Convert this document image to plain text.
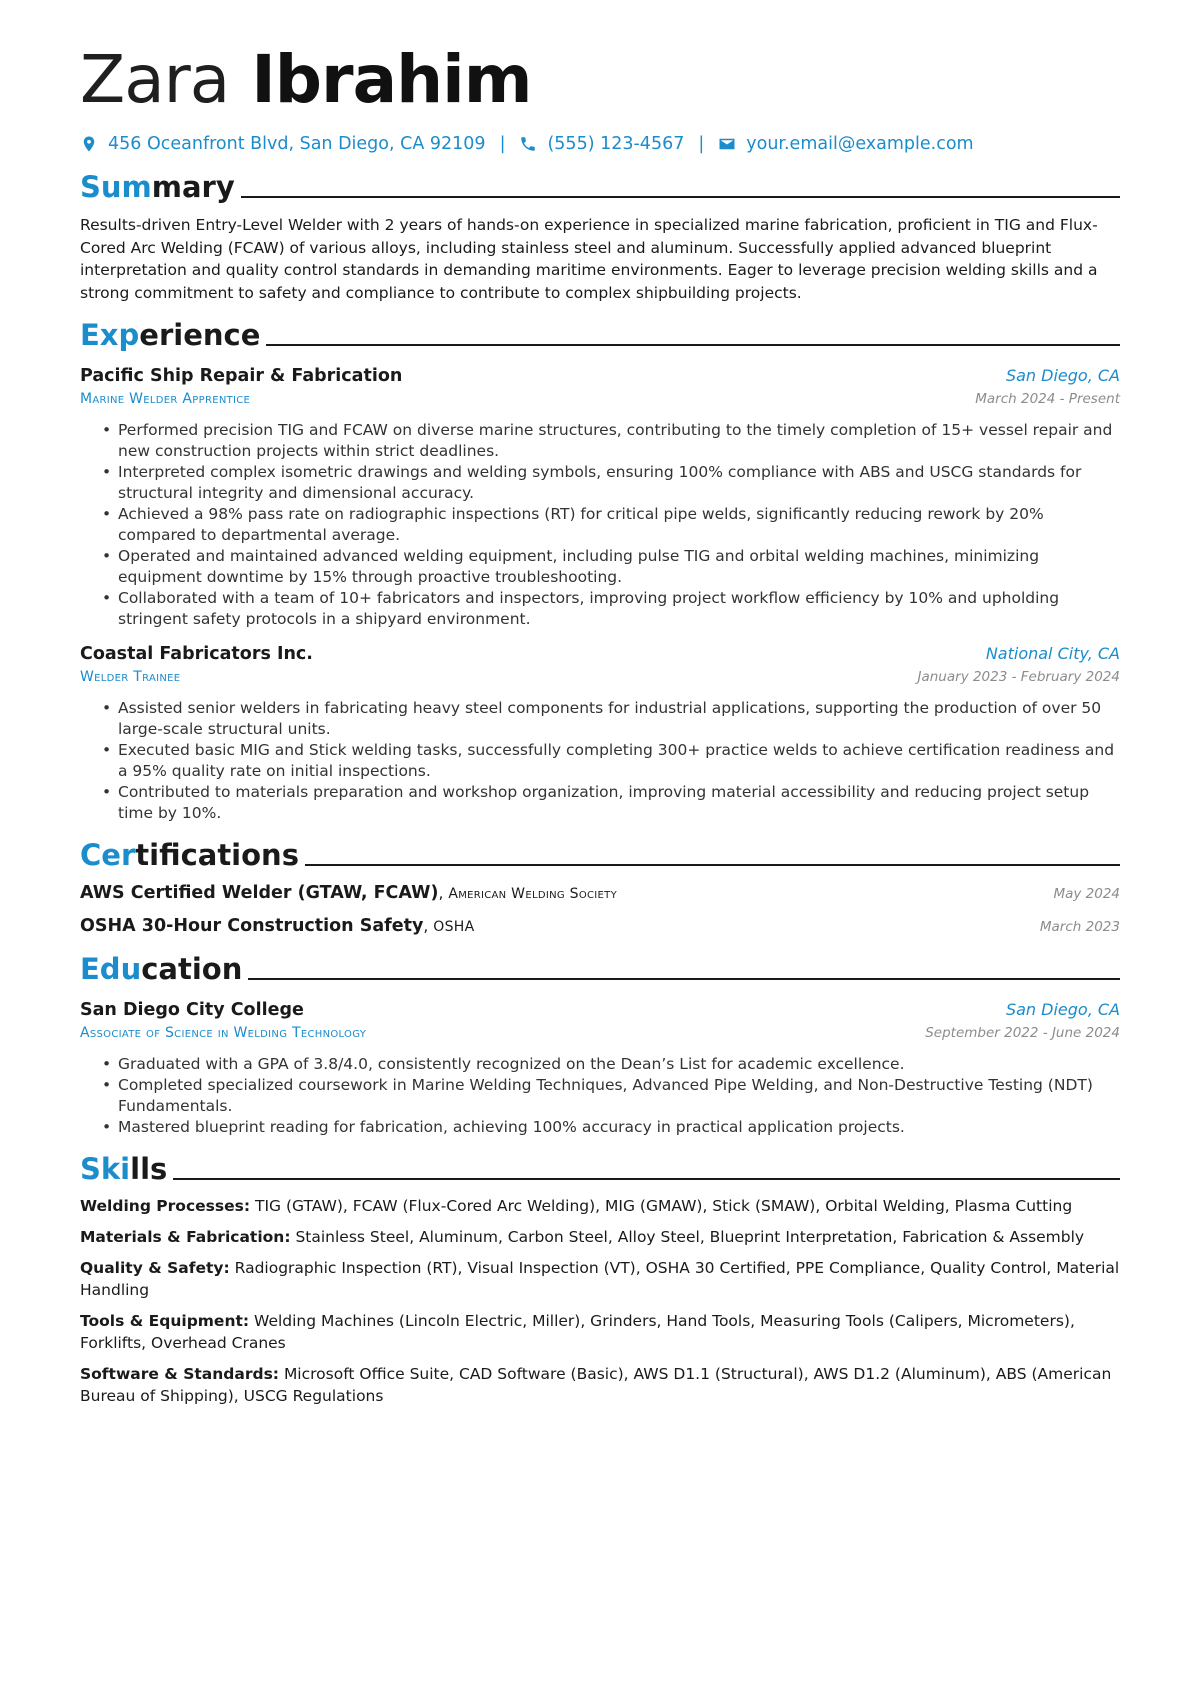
Zara Ibrahim
456 Oceanfront Blvd, San Diego, CA 92109 | (555) 123-4567 | your.email@example.com
Summary
Results-driven Entry-Level Welder with 2 years of hands-on experience in specialized marine fabrication, proficient in TIG and Flux-Cored Arc Welding (FCAW) of various alloys, including stainless steel and aluminum. Successfully applied advanced blueprint interpretation and quality control standards in demanding maritime environments. Eager to leverage precision welding skills and a strong commitment to safety and compliance to contribute to complex shipbuilding projects.
Experience
Pacific Ship Repair & Fabrication	San Diego, CA
Marine Welder Apprentice	March 2024 - Present
• Performed precision TIG and FCAW on diverse marine structures, contributing to the timely completion of 15+ vessel repair and new construction projects within strict deadlines.
• Interpreted complex isometric drawings and welding symbols, ensuring 100% compliance with ABS and USCG standards for structural integrity and dimensional accuracy.
• Achieved a 98% pass rate on radiographic inspections (RT) for critical pipe welds, significantly reducing rework by 20% compared to departmental average.
• Operated and maintained advanced welding equipment, including pulse TIG and orbital welding machines, minimizing equipment downtime by 15% through proactive troubleshooting.
• Collaborated with a team of 10+ fabricators and inspectors, improving project workflow efficiency by 10% and upholding stringent safety protocols in a shipyard environment.
Coastal Fabricators Inc.	National City, CA
Welder Trainee	January 2023 - February 2024
• Assisted senior welders in fabricating heavy steel components for industrial applications, supporting the production of over 50 large-scale structural units.
• Executed basic MIG and Stick welding tasks, successfully completing 300+ practice welds to achieve certification readiness and a 95% quality rate on initial inspections.
• Contributed to materials preparation and workshop organization, improving material accessibility and reducing project setup time by 10%.
Certifications
AWS Certified Welder (GTAW, FCAW), American Welding Society	May 2024
OSHA 30-Hour Construction Safety, OSHA	March 2023
Education
San Diego City College	San Diego, CA
Associate of Science in Welding Technology	September 2022 - June 2024
• Graduated with a GPA of 3.8/4.0, consistently recognized on the Dean’s List for academic excellence.
• Completed specialized coursework in Marine Welding Techniques, Advanced Pipe Welding, and Non-Destructive Testing (NDT) Fundamentals.
• Mastered blueprint reading for fabrication, achieving 100% accuracy in practical application projects.
Skills
Welding Processes: TIG (GTAW), FCAW (Flux-Cored Arc Welding), MIG (GMAW), Stick (SMAW), Orbital Welding, Plasma Cutting
Materials & Fabrication: Stainless Steel, Aluminum, Carbon Steel, Alloy Steel, Blueprint Interpretation, Fabrication & Assembly
Quality & Safety: Radiographic Inspection (RT), Visual Inspection (VT), OSHA 30 Certified, PPE Compliance, Quality Control, Material Handling
Tools & Equipment: Welding Machines (Lincoln Electric, Miller), Grinders, Hand Tools, Measuring Tools (Calipers, Micrometers), Forklifts, Overhead Cranes
Software & Standards: Microsoft Office Suite, CAD Software (Basic), AWS D1.1 (Structural), AWS D1.2 (Aluminum), ABS (American Bureau of Shipping), USCG Regulations
